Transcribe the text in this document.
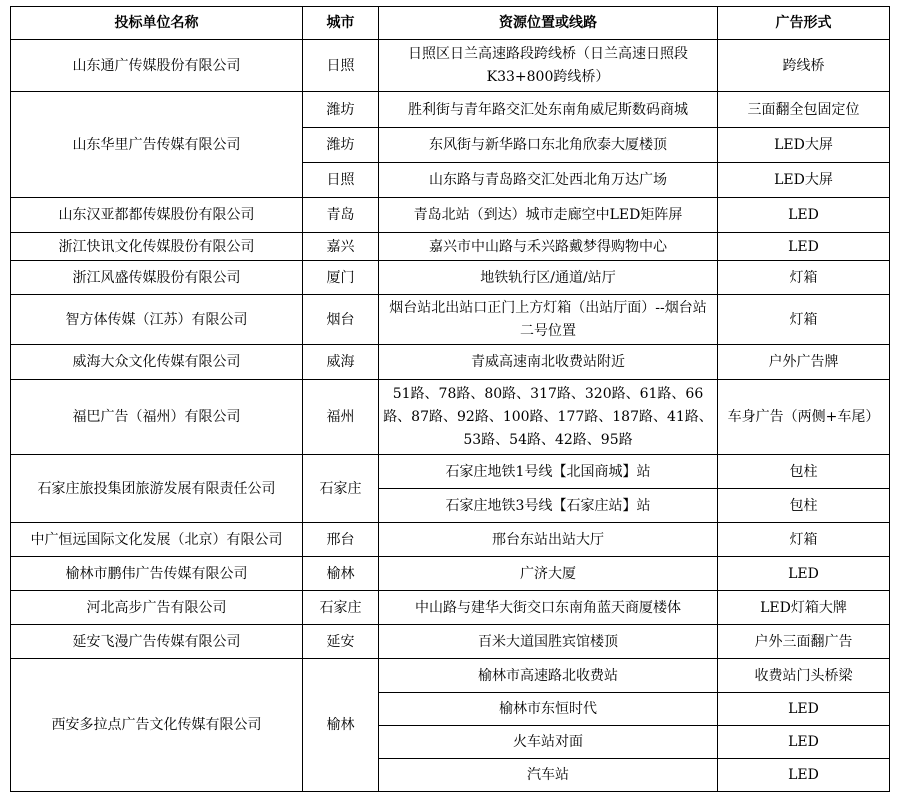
投标单位名称	城市	资源位置或线路	广告形式
山东通广传媒股份有限公司	日照	日照区日兰高速路段跨线桥（日兰高速日照段K33+800跨线桥）	跨线桥
山东华里广告传媒有限公司	潍坊	胜利街与青年路交汇处东南角威尼斯数码商城	三面翻全包固定位
	潍坊	东风街与新华路口东北角欣泰大厦楼顶	LED大屏
	日照	山东路与青岛路交汇处西北角万达广场	LED大屏
山东汉亚都都传媒股份有限公司	青岛	青岛北站（到达）城市走廊空中LED矩阵屏	LED
浙江快讯文化传媒股份有限公司	嘉兴	嘉兴市中山路与禾兴路戴梦得购物中心	LED
浙江风盛传媒股份有限公司	厦门	地铁轨行区/通道/站厅	灯箱
智方体传媒（江苏）有限公司	烟台	烟台站北出站口正门上方灯箱（出站厅面）--烟台站二号位置	灯箱
威海大众文化传媒有限公司	威海	青威高速南北收费站附近	户外广告牌
福巴广告（福州）有限公司	福州	51路、78路、80路、317路、320路、61路、66路、87路、92路、100路、177路、187路、41路、53路、54路、42路、95路	车身广告（两侧+车尾）
石家庄旅投集团旅游发展有限责任公司	石家庄	石家庄地铁1号线【北国商城】站	包柱
		石家庄地铁3号线【石家庄站】站	包柱
中广恒远国际文化发展（北京）有限公司	邢台	邢台东站出站大厅	灯箱
榆林市鹏伟广告传媒有限公司	榆林	广济大厦	LED
河北高步广告有限公司	石家庄	中山路与建华大街交口东南角蓝天商厦楼体	LED灯箱大牌
延安飞漫广告传媒有限公司	延安	百米大道国胜宾馆楼顶	户外三面翻广告
西安多拉点广告文化传媒有限公司	榆林	榆林市高速路北收费站	收费站门头桥梁
		榆林市东恒时代	LED
		火车站对面	LED
		汽车站	LED
